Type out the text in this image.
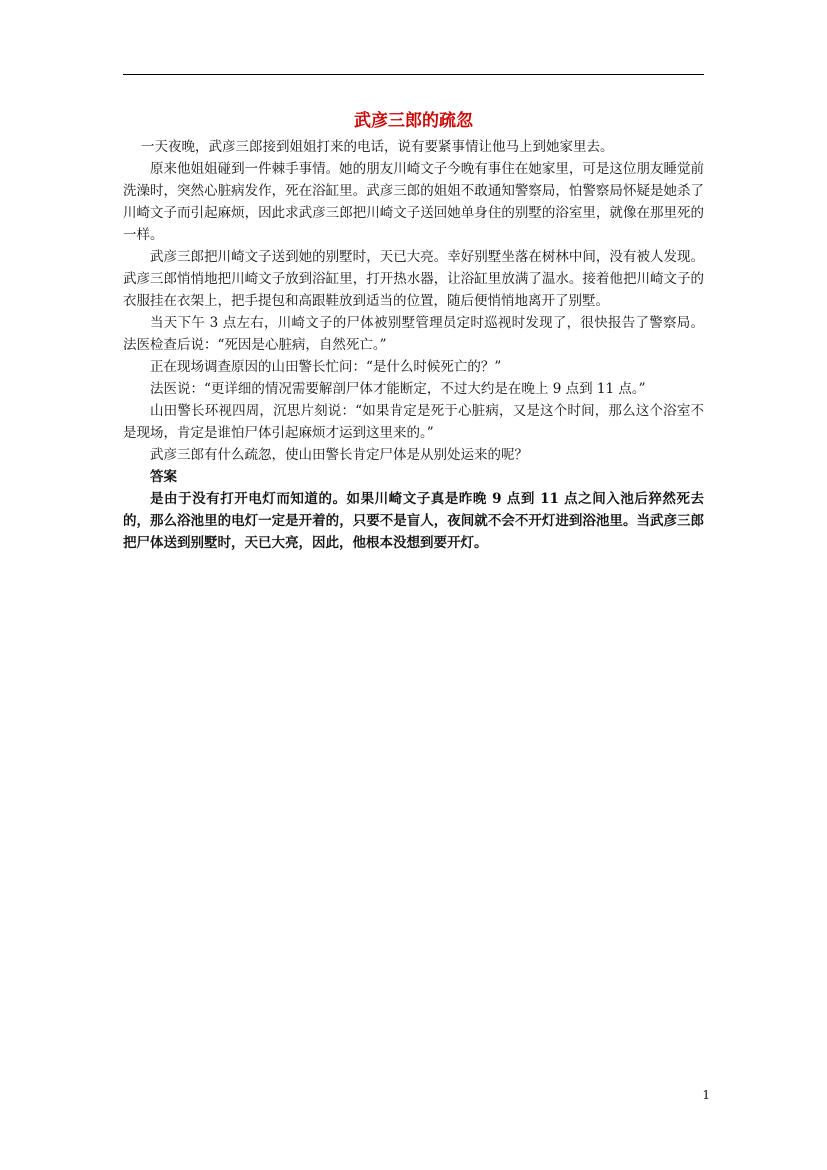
武彦三郎的疏忽

一天夜晚，武彦三郎接到姐姐打来的电话，说有要紧事情让他马上到她家里去。

原来他姐姐碰到一件棘手事情。她的朋友川崎文子今晚有事住在她家里，可是这位朋友睡觉前洗澡时，突然心脏病发作，死在浴缸里。武彦三郎的姐姐不敢通知警察局，怕警察局怀疑是她杀了川崎文子而引起麻烦，因此求武彦三郎把川崎文子送回她单身住的别墅的浴室里，就像在那里死的一样。

武彦三郎把川崎文子送到她的别墅时，天已大亮。幸好别墅坐落在树林中间，没有被人发现。武彦三郎悄悄地把川崎文子放到浴缸里，打开热水器，让浴缸里放满了温水。接着他把川崎文子的衣服挂在衣架上，把手提包和高跟鞋放到适当的位置，随后便悄悄地离开了别墅。

当天下午 3 点左右，川崎文子的尸体被别墅管理员定时巡视时发现了，很快报告了警察局。法医检查后说：“死因是心脏病，自然死亡。”

正在现场调查原因的山田警长忙问：“是什么时候死亡的？”

法医说：“更详细的情况需要解剖尸体才能断定，不过大约是在晚上 9 点到 11 点。”

山田警长环视四周，沉思片刻说：“如果肯定是死于心脏病，又是这个时间，那么这个浴室不是现场，肯定是谁怕尸体引起麻烦才运到这里来的。”

武彦三郎有什么疏忽，使山田警长肯定尸体是从别处运来的呢？

答案

是由于没有打开电灯而知道的。如果川崎文子真是昨晚 9 点到 11 点之间入池后猝然死去的，那么浴池里的电灯一定是开着的，只要不是盲人，夜间就不会不开灯进到浴池里。当武彦三郎把尸体送到别墅时，天已大亮，因此，他根本没想到要开灯。

1
